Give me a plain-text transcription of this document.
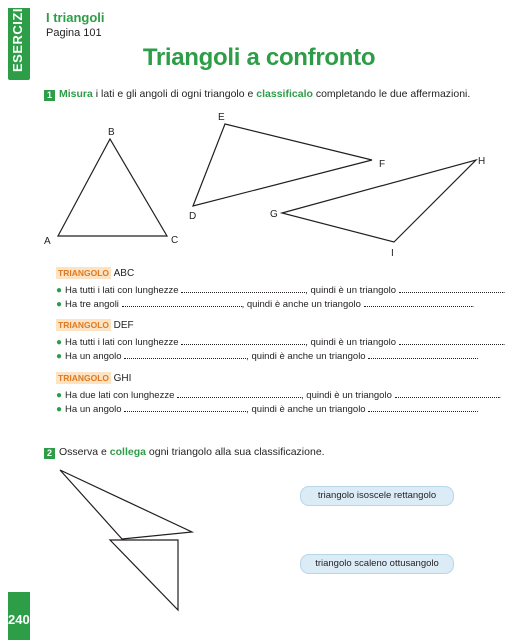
ESERCIZI
240
I triangoli
Pagina 101
Triangoli a confronto
1 Misura i lati e gli angoli di ogni triangolo e classificalo completando le due affermazioni.
A
B
C
D
E
F
G
H
I
TRIANGOLO ABC
● Ha tutti i lati con lunghezze	, quindi è un triangolo	.
● Ha tre angoli	, quindi è anche un triangolo	.
TRIANGOLO DEF
● Ha tutti i lati con lunghezze	, quindi è un triangolo	.
● Ha un angolo	, quindi è anche un triangolo	.
TRIANGOLO GHI
● Ha due lati con lunghezze	, quindi è un triangolo	.
● Ha un angolo	, quindi è anche un triangolo	.
2 Osserva e collega ogni triangolo alla sua classificazione.
triangolo isoscele rettangolo
triangolo scaleno ottusangolo
